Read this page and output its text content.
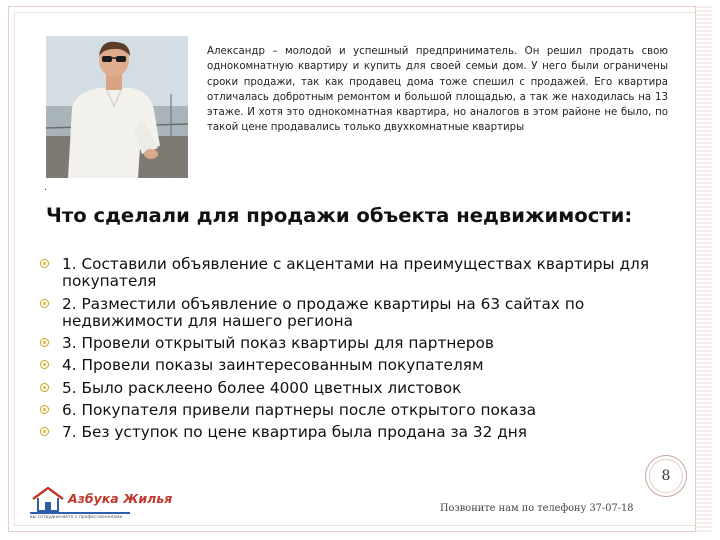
Александр – молодой и успешный предприниматель. Он решил продать свою однокомнатную квартиру и купить для своей семьи дом. У него были ограничены сроки продажи, так как продавец дома тоже спешил с продажей. Его квартира отличалась добротным ремонтом и большой площадью, а так же находилась на 13 этаже. И хотя это однокомнатная квартира, но аналогов в этом районе не было, по такой цене продавались только двухкомнатные квартиры
.
Что сделали для продажи объекта недвижимости:
1. Составили объявление с акцентами на преимуществах квартиры для
покупателя
2. Разместили объявление о продаже квартиры на 63 сайтах по
недвижимости для нашего региона
3. Провели открытый показ квартиры для партнеров
4. Провели показы заинтересованным покупателям
5. Было расклеено более 4000 цветных листовок
6. Покупателя привели партнеры после открытого показа
7. Без уступок по цене квартира была продана за 32 дня
8
Азбука Жилья
вы сотрудничаете с профессионалами
Позвоните нам по телефону 37-07-18
